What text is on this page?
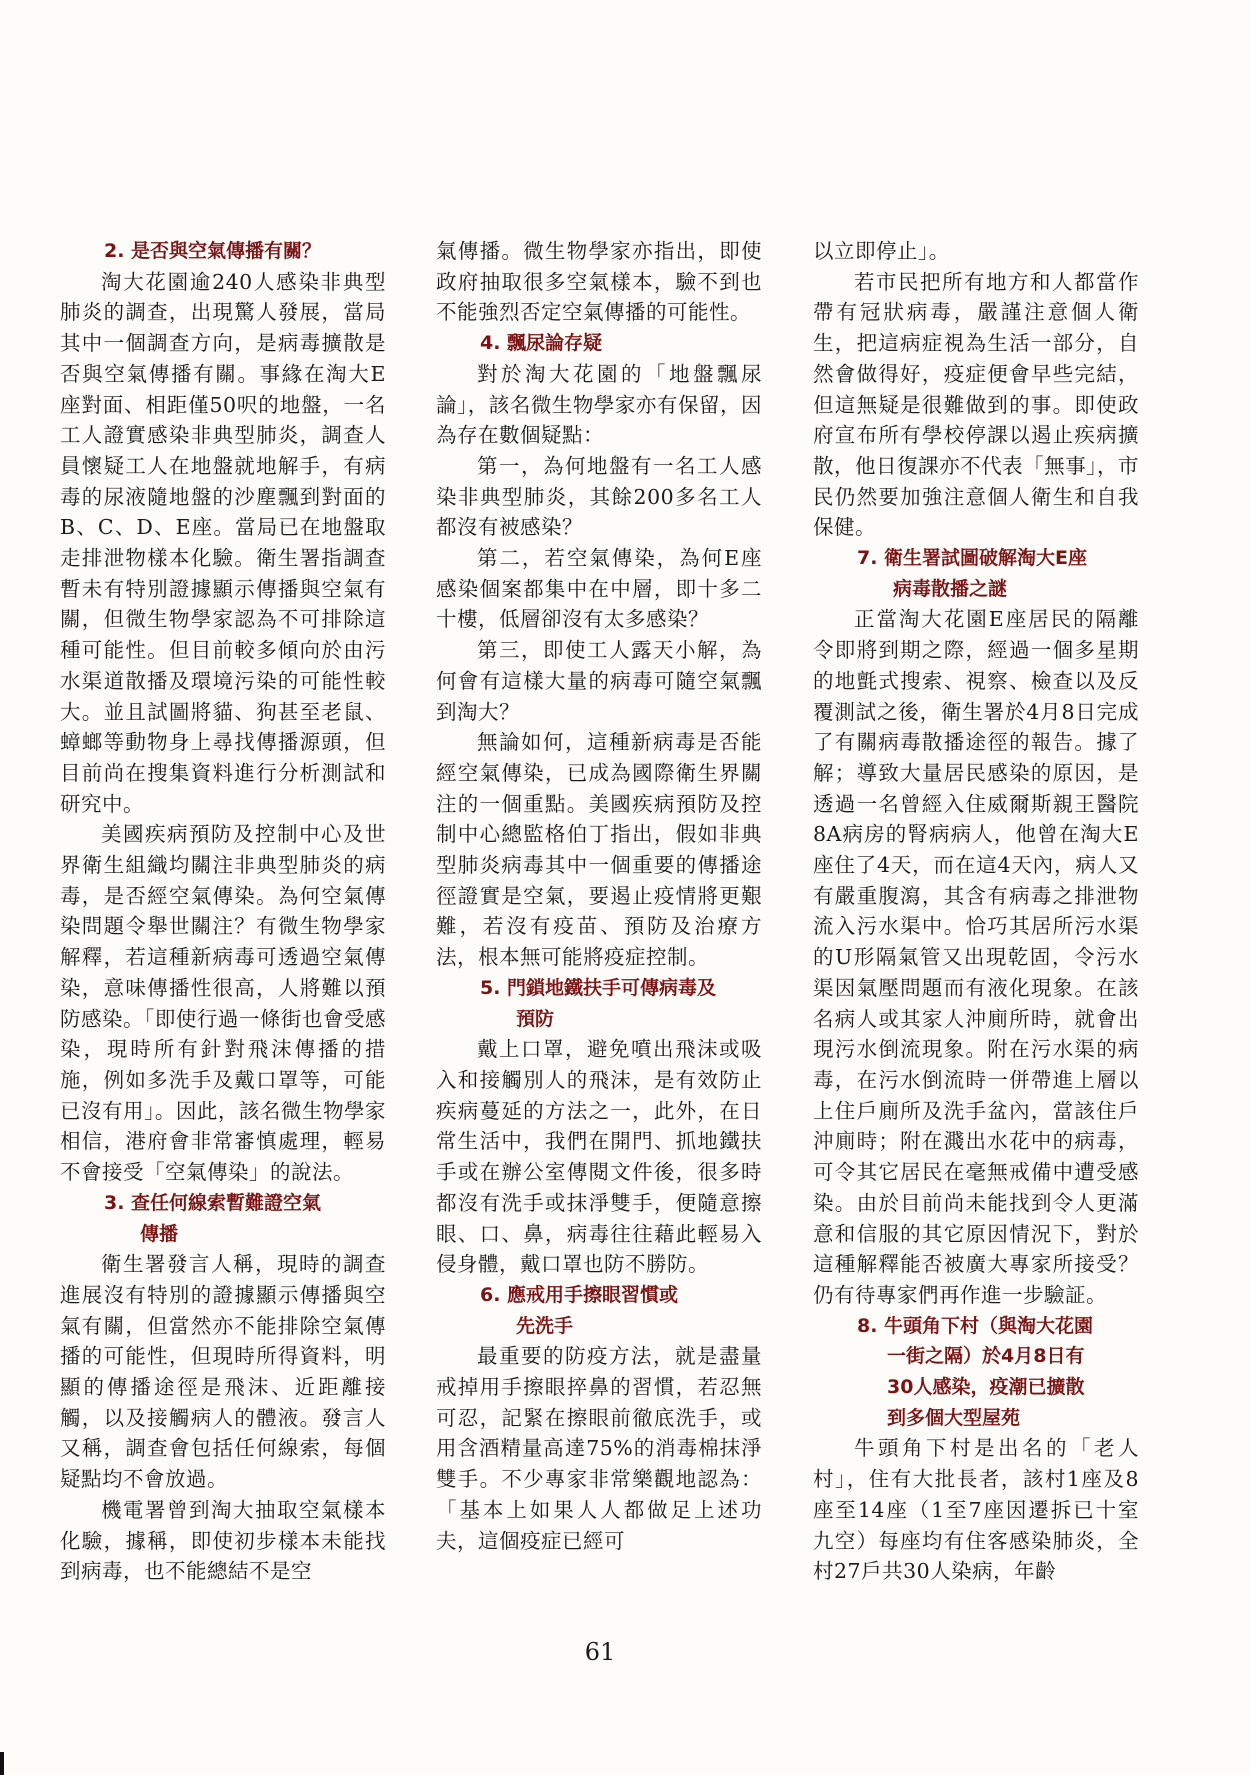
2. 是否與空氣傳播有關？

淘大花園逾240人感染非典型肺炎的調查，出現驚人發展，當局其中一個調查方向，是病毒擴散是否與空氣傳播有關。事緣在淘大E座對面、相距僅50呎的地盤，一名工人證實感染非典型肺炎，調查人員懷疑工人在地盤就地解手，有病毒的尿液隨地盤的沙塵飄到對面的B、C、D、E座。當局已在地盤取走排泄物樣本化驗。衛生署指調查暫未有特別證據顯示傳播與空氣有關，但微生物學家認為不可排除這種可能性。但目前較多傾向於由污水渠道散播及環境污染的可能性較大。並且試圖將貓、狗甚至老鼠、蟑螂等動物身上尋找傳播源頭，但目前尚在搜集資料進行分析測試和研究中。

美國疾病預防及控制中心及世界衛生組織均關注非典型肺炎的病毒，是否經空氣傳染。為何空氣傳染問題令舉世關注？有微生物學家解釋，若這種新病毒可透過空氣傳染，意味傳播性很高，人將難以預防感染。「即使行過一條街也會受感染，現時所有針對飛沫傳播的措施，例如多洗手及戴口罩等，可能已沒有用」。因此，該名微生物學家相信，港府會非常審慎處理，輕易不會接受「空氣傳染」的說法。

3. 查任何線索暫難證空氣
傳播

衛生署發言人稱，現時的調查進展沒有特別的證據顯示傳播與空氣有關，但當然亦不能排除空氣傳播的可能性，但現時所得資料，明顯的傳播途徑是飛沫、近距離接觸，以及接觸病人的體液。發言人又稱，調查會包括任何線索，每個疑點均不會放過。

機電署曾到淘大抽取空氣樣本化驗，據稱，即使初步樣本未能找到病毒，也不能總結不是空

氣傳播。微生物學家亦指出，即使政府抽取很多空氣樣本，驗不到也不能強烈否定空氣傳播的可能性。

4. 飄尿論存疑

對於淘大花園的「地盤飄尿論」，該名微生物學家亦有保留，因為存在數個疑點：

第一，為何地盤有一名工人感染非典型肺炎，其餘200多名工人都沒有被感染？

第二，若空氣傳染，為何E座感染個案都集中在中層，即十多二十樓，低層卻沒有太多感染？

第三，即使工人露天小解，為何會有這樣大量的病毒可隨空氣飄到淘大？

無論如何，這種新病毒是否能經空氣傳染，已成為國際衛生界關注的一個重點。美國疾病預防及控制中心總監格伯丁指出，假如非典型肺炎病毒其中一個重要的傳播途徑證實是空氣，要遏止疫情將更艱難，若沒有疫苗、預防及治療方法，根本無可能將疫症控制。

5. 門鎖地鐵扶手可傳病毒及
預防

戴上口罩，避免噴出飛沫或吸入和接觸別人的飛沫，是有效防止疾病蔓延的方法之一，此外，在日常生活中，我們在開門、抓地鐵扶手或在辦公室傳閱文件後，很多時都沒有洗手或抹淨雙手，便隨意擦眼、口、鼻，病毒往往藉此輕易入侵身體，戴口罩也防不勝防。

6. 應戒用手擦眼習慣或
先洗手

最重要的防疫方法，就是盡量戒掉用手擦眼捽鼻的習慣，若忍無可忍，記緊在擦眼前徹底洗手，或用含酒精量高達75%的消毒棉抹淨雙手。不少專家非常樂觀地認為：「基本上如果人人都做足上述功夫，這個疫症已經可

以立即停止」。

若市民把所有地方和人都當作帶有冠狀病毒，嚴謹注意個人衛生，把這病症視為生活一部分，自然會做得好，疫症便會早些完結，但這無疑是很難做到的事。即使政府宣布所有學校停課以遏止疾病擴散，他日復課亦不代表「無事」，市民仍然要加強注意個人衛生和自我保健。

7. 衛生署試圖破解淘大E座
病毒散播之謎

正當淘大花園E座居民的隔離令即將到期之際，經過一個多星期的地氈式搜索、視察、檢查以及反覆測試之後，衛生署於4月8日完成了有關病毒散播途徑的報告。據了解；導致大量居民感染的原因，是透過一名曾經入住威爾斯親王醫院8A病房的腎病病人，他曾在淘大E座住了4天，而在這4天內，病人又有嚴重腹瀉，其含有病毒之排泄物流入污水渠中。恰巧其居所污水渠的U形隔氣管又出現乾固，令污水渠因氣壓問題而有液化現象。在該名病人或其家人沖廁所時，就會出現污水倒流現象。附在污水渠的病毒，在污水倒流時一併帶進上層以上住戶廁所及洗手盆內，當該住戶沖廁時；附在濺出水花中的病毒，可令其它居民在毫無戒備中遭受感染。由於目前尚未能找到令人更滿意和信服的其它原因情況下，對於這種解釋能否被廣大專家所接受？仍有待專家們再作進一步驗証。

8. 牛頭角下村（與淘大花園
一街之隔）於4月8日有
30人感染，疫潮已擴散
到多個大型屋苑

牛頭角下村是出名的「老人村」，住有大批長者，該村1座及8座至14座（1至7座因遷拆已十室九空）每座均有住客感染肺炎，全村27戶共30人染病，年齡

61
